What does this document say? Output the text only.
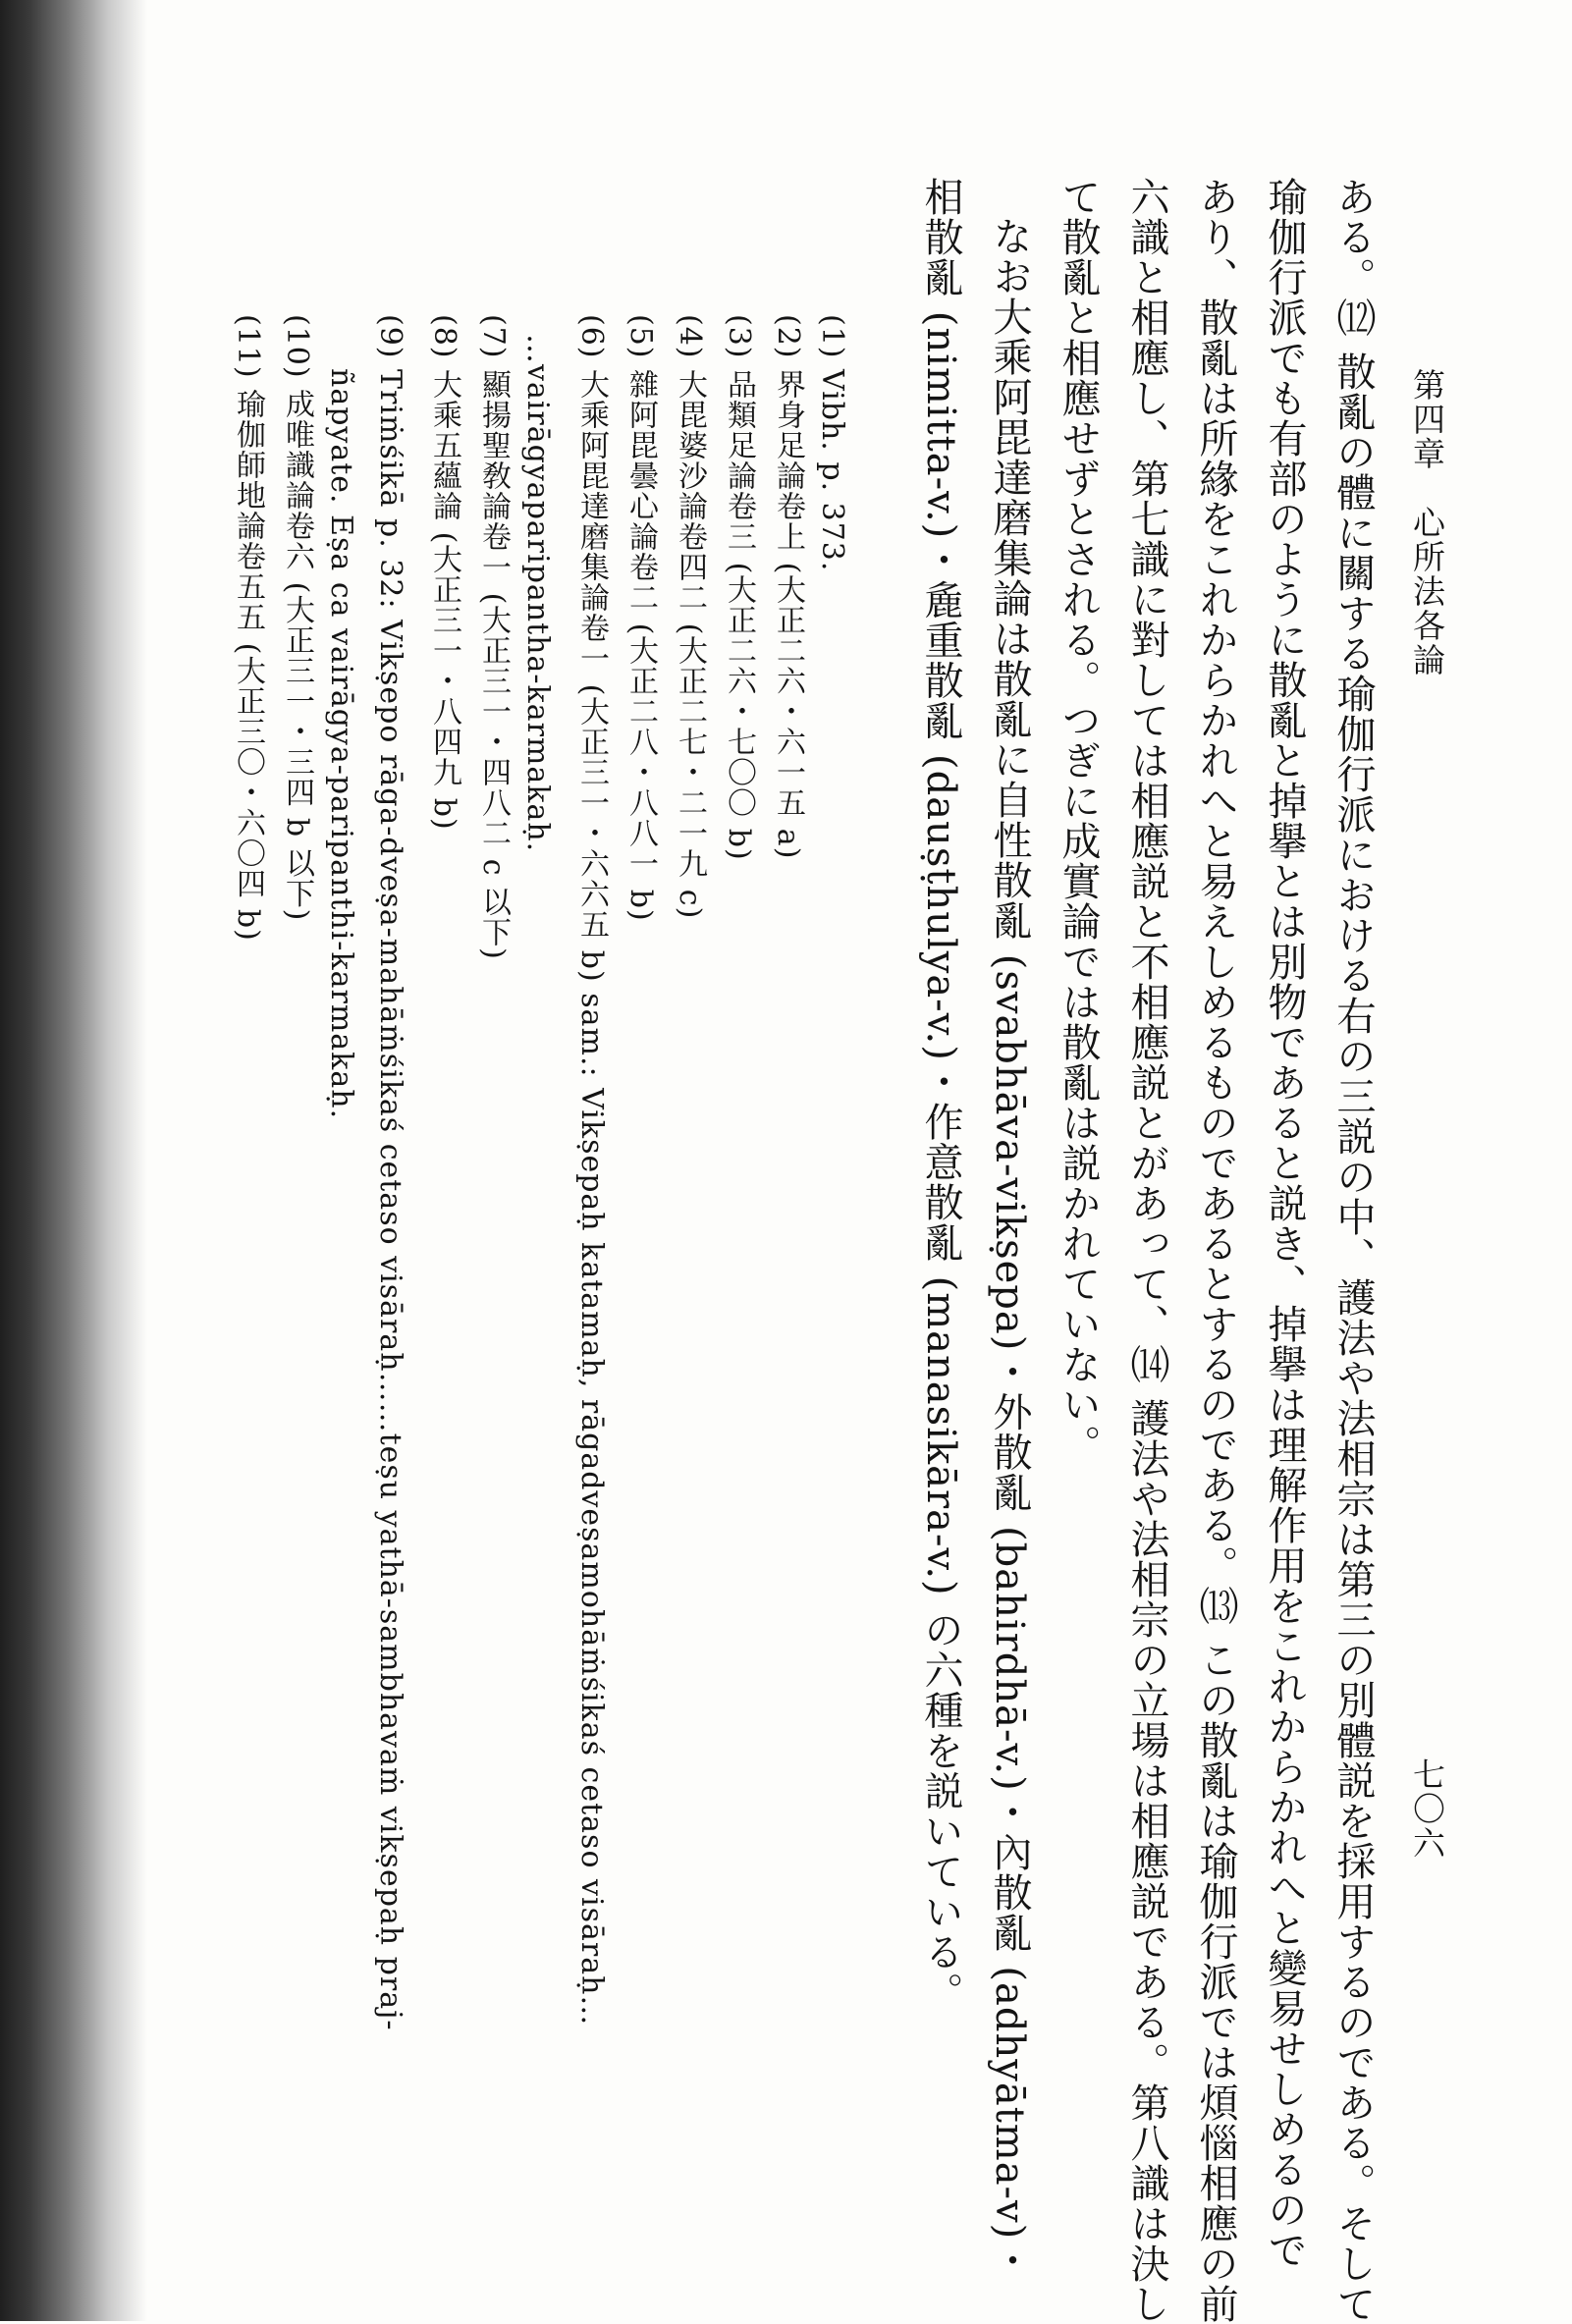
第四章　心所法各論
七〇六
ある。⑿ 散亂の體に關する瑜伽行派における右の三説の中、護法や法相宗は第三の別體説を採用するのである。そして
瑜伽行派でも有部のように散亂と掉擧とは別物であると説き、掉擧は理解作用をこれからかれへと變易せしめるので
あり、散亂は所緣をこれからかれへと易えしめるものであるとするのである。⒀ この散亂は瑜伽行派では煩惱相應の前
六識と相應し、第七識に對しては相應説と不相應説とがあって、⒁ 護法や法相宗の立場は相應説である。第八識は決し
て散亂と相應せずとされる。つぎに成實論では散亂は説かれていない。
なお大乘阿毘達磨集論は散亂に自性散亂 (svabhāva-vikṣepa)・外散亂 (bahirdhā-v.)・內散亂 (adhyātma-v)・
相散亂 (nimitta-v.)・麁重散亂 (dauṣṭhulya-v.)・作意散亂 (manasikāra-v.) の六種を説いている。
(1) Vibh. p. 373.
(2) 界身足論卷上 (大正二六・六一五 a)
(3) 品類足論卷三 (大正二六・七〇〇 b)
(4) 大毘婆沙論卷四二 (大正二七・二一九 c)
(5) 雜阿毘曇心論卷二 (大正二八・八八一 b)
(6) 大乘阿毘達磨集論卷一 (大正三一・六六五 b) sam.: Vikṣepaḥ katamaḥ, rāgadveṣamohāṁśikaś cetaso visāraḥ…
…vairāgyaparipantha-karmakaḥ.
(7) 顯揚聖敎論卷一 (大正三一・四八二 c 以下)
(8) 大乘五蘊論 (大正三一・八四九 b)
(9) Triṁśikā p. 32: Vikṣepo rāga-dveṣa-mahāṁśikaś cetaso visāraḥ……teṣu yathā-sambhavaṁ vikṣepaḥ praj-
ñapyate. Eṣa ca vairāgya-paripanthi-karmakaḥ.
(10) 成唯識論卷六 (大正三一・三四 b 以下)
(11) 瑜伽師地論卷五五 (大正三〇・六〇四 b)
